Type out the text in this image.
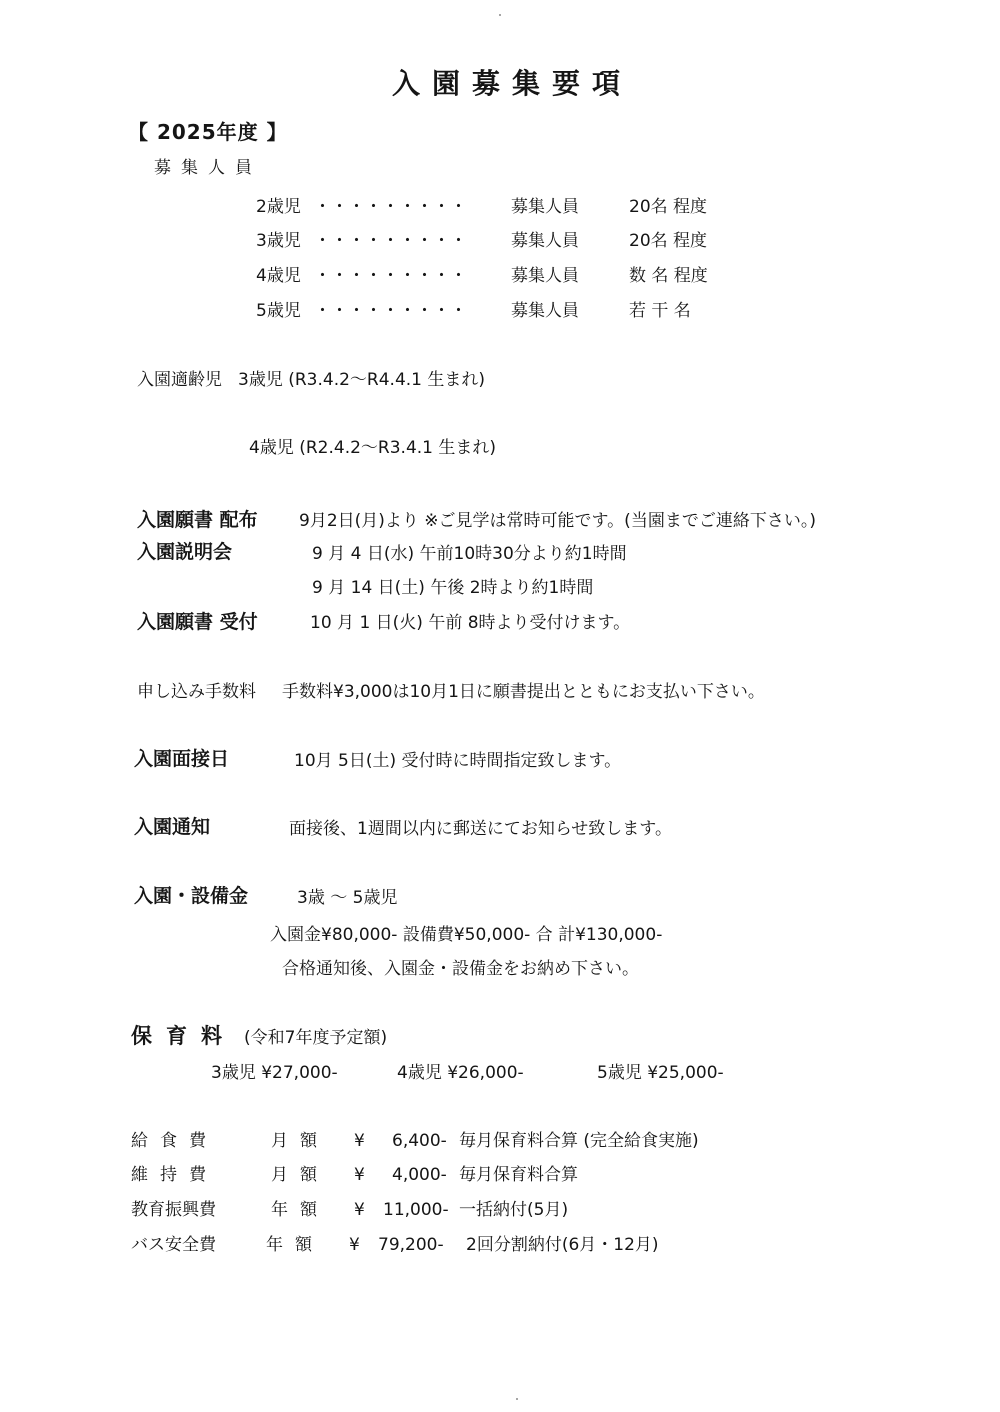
入園募集要項
【 2025年度 】
募集人員
2歳児 ・・・・・・・・・	募集人員	20名 程度
3歳児 ・・・・・・・・・	募集人員	20名 程度
4歳児 ・・・・・・・・・	募集人員	数 名 程度
5歳児 ・・・・・・・・・	募集人員	若 干 名
入園適齢児 3歳児 (R3.4.2〜R4.4.1 生まれ)
4歳児 (R2.4.2〜R3.4.1 生まれ)
入園願書 配布 9月2日(月)より ※ご見学は常時可能です。(当園までご連絡下さい。)
入園説明会	9 月 4 日(水) 午前10時30分より約1時間
9 月 14 日(土) 午後 2時より約1時間
入園願書 受付	10 月 1 日(火) 午前 8時より受付けます。
申し込み手数料 手数料¥3,000は10月1日に願書提出とともにお支払い下さい。
入園面接日	10月 5日(土) 受付時に時間指定致します。
入園通知	面接後、1週間以内に郵送にてお知らせ致します。
入園・設備金	3歳 〜 5歳児
入園金¥80,000- 設備費¥50,000- 合 計¥130,000-
合格通知後、入園金・設備金をお納め下さい。
保育料 (令和7年度予定額)
3歳児 ¥27,000-	4歳児 ¥26,000-	5歳児 ¥25,000-
給食費	月額 ¥ 6,400- 毎月保育料合算 (完全給食実施)
維持費	月額 ¥ 4,000- 毎月保育料合算
教育振興費	年額 ¥ 11,000- 一括納付(5月)
バス安全費	年額 ¥ 79,200- 2回分割納付(6月・12月)
